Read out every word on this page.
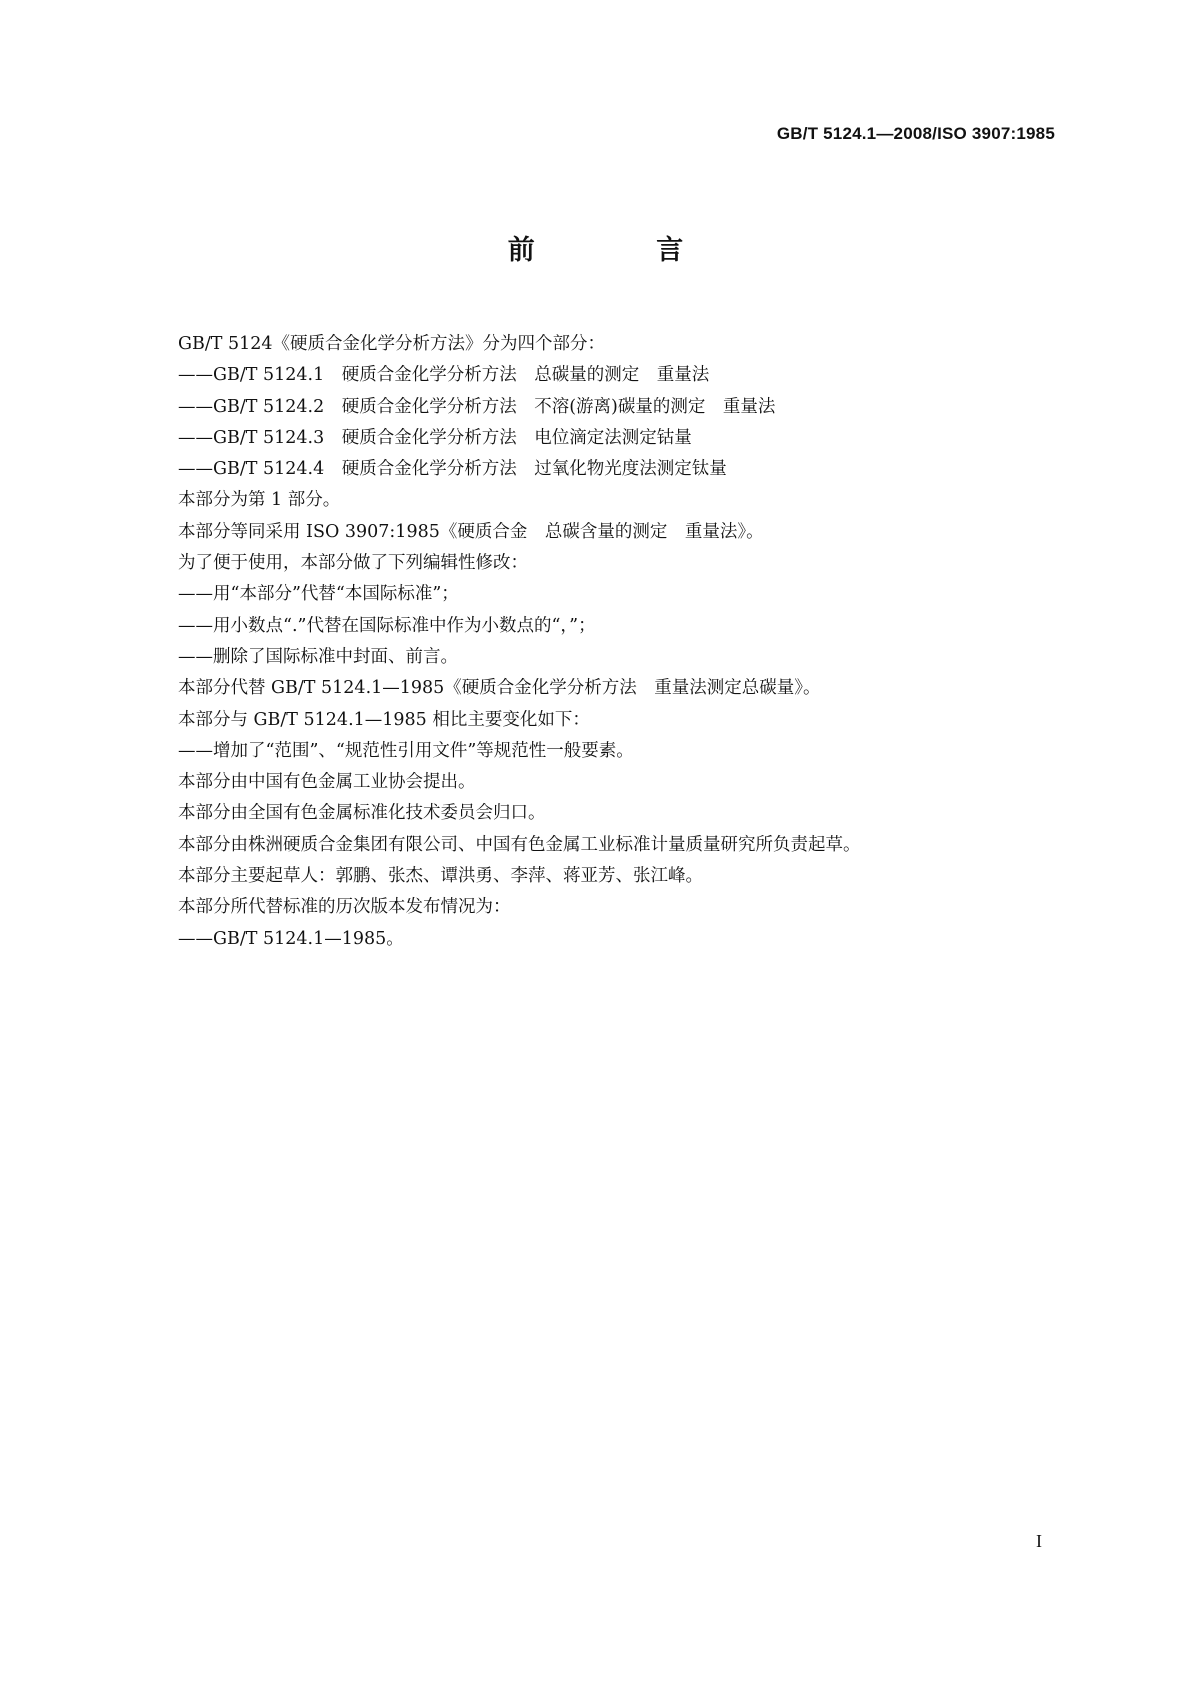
GB/T 5124.1—2008/ISO 3907:1985
前 言
GB/T 5124《硬质合金化学分析方法》分为四个部分：
——GB/T 5124.1　硬质合金化学分析方法　总碳量的测定　重量法
——GB/T 5124.2　硬质合金化学分析方法　不溶(游离)碳量的测定　重量法
——GB/T 5124.3　硬质合金化学分析方法　电位滴定法测定钴量
——GB/T 5124.4　硬质合金化学分析方法　过氧化物光度法测定钛量
本部分为第 1 部分。
本部分等同采用 ISO 3907:1985《硬质合金　总碳含量的测定　重量法》。
为了便于使用，本部分做了下列编辑性修改：
——用“本部分”代替“本国际标准”；
——用小数点“.”代替在国际标准中作为小数点的“，”；
——删除了国际标准中封面、前言。
本部分代替 GB/T 5124.1—1985《硬质合金化学分析方法　重量法测定总碳量》。
本部分与 GB/T 5124.1—1985 相比主要变化如下：
——增加了“范围”、“规范性引用文件”等规范性一般要素。
本部分由中国有色金属工业协会提出。
本部分由全国有色金属标准化技术委员会归口。
本部分由株洲硬质合金集团有限公司、中国有色金属工业标准计量质量研究所负责起草。
本部分主要起草人：郭鹏、张杰、谭洪勇、李萍、蒋亚芳、张江峰。
本部分所代替标准的历次版本发布情况为：
——GB/T 5124.1—1985。
I
